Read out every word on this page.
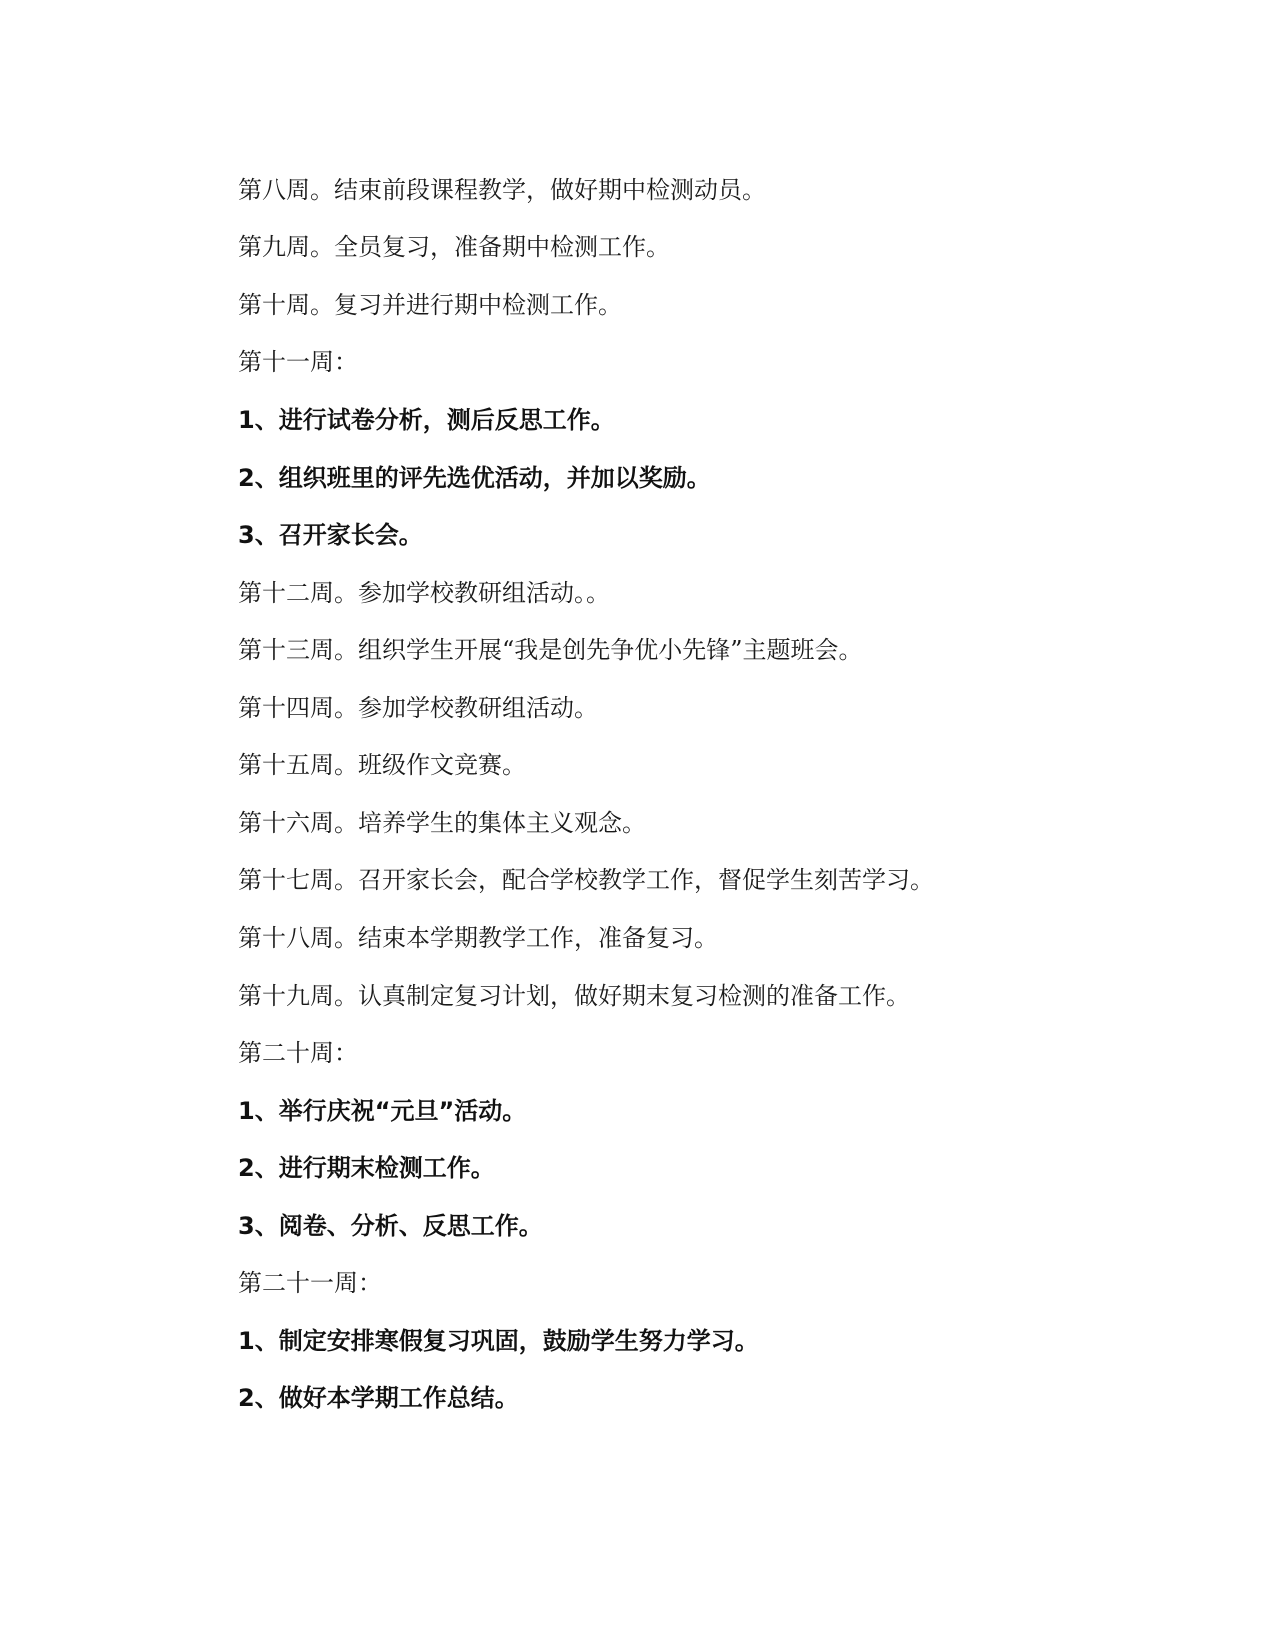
第八周。结束前段课程教学，做好期中检测动员。

第九周。全员复习，准备期中检测工作。

第十周。复习并进行期中检测工作。

第十一周：

1、进行试卷分析，测后反思工作。

2、组织班里的评先选优活动，并加以奖励。

3、召开家长会。

第十二周。参加学校教研组活动。。

第十三周。组织学生开展“我是创先争优小先锋”主题班会。

第十四周。参加学校教研组活动。

第十五周。班级作文竞赛。

第十六周。培养学生的集体主义观念。

第十七周。召开家长会，配合学校教学工作，督促学生刻苦学习。

第十八周。结束本学期教学工作，准备复习。

第十九周。认真制定复习计划，做好期末复习检测的准备工作。

第二十周：

1、举行庆祝“元旦”活动。

2、进行期末检测工作。

3、阅卷、分析、反思工作。

第二十一周：

1、制定安排寒假复习巩固，鼓励学生努力学习。

2、做好本学期工作总结。
